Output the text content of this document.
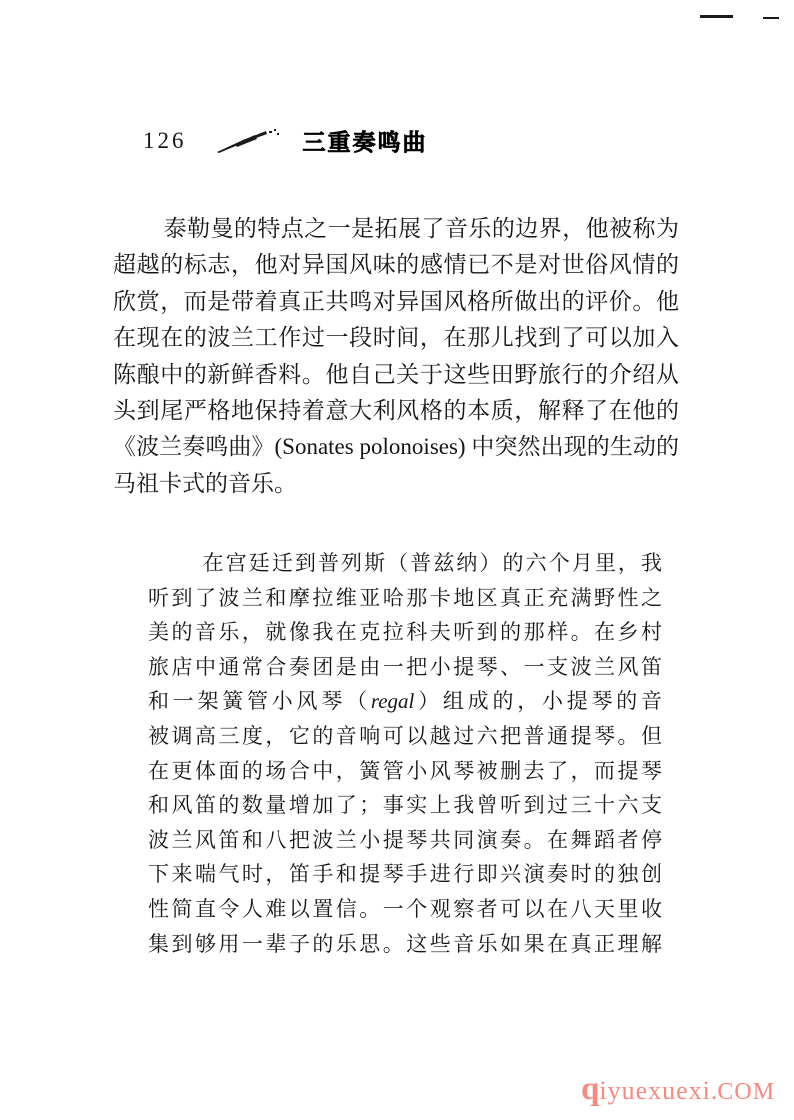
126	三重奏鸣曲
泰勒曼的特点之一是拓展了音乐的边界，他被称为
超越的标志，他对异国风味的感情已不是对世俗风情的
欣赏，而是带着真正共鸣对异国风格所做出的评价。他
在现在的波兰工作过一段时间，在那儿找到了可以加入
陈酿中的新鲜香料。他自己关于这些田野旅行的介绍从
头到尾严格地保持着意大利风格的本质，解释了在他的
《波兰奏鸣曲》(Sonates polonoises) 中突然出现的生动的
马祖卡式的音乐。
在宫廷迁到普列斯（普兹纳）的六个月里，我
听到了波兰和摩拉维亚哈那卡地区真正充满野性之
美的音乐，就像我在克拉科夫听到的那样。在乡村
旅店中通常合奏团是由一把小提琴、一支波兰风笛
和一架簧管小风琴（regal）组成的，小提琴的音
被调高三度，它的音响可以越过六把普通提琴。但
在更体面的场合中，簧管小风琴被删去了，而提琴
和风笛的数量增加了；事实上我曾听到过三十六支
波兰风笛和八把波兰小提琴共同演奏。在舞蹈者停
下来喘气时，笛手和提琴手进行即兴演奏时的独创
性简直令人难以置信。一个观察者可以在八天里收
集到够用一辈子的乐思。这些音乐如果在真正理解
qiyuexuexi.COM
